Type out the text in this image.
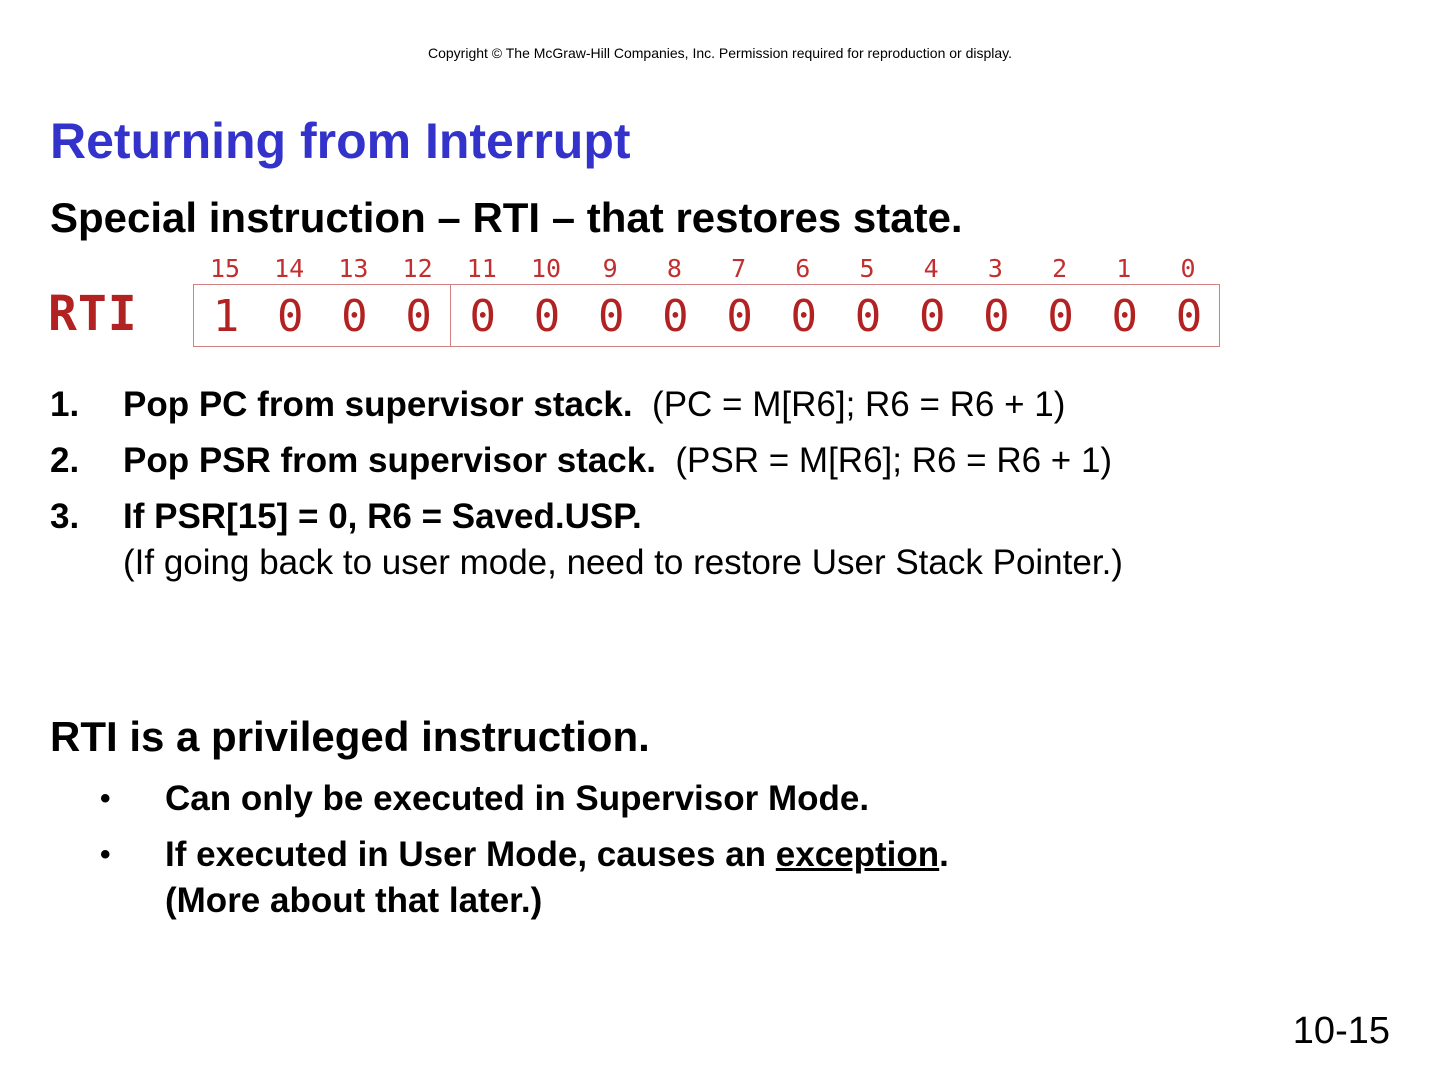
Copyright © The McGraw-Hill Companies, Inc. Permission required for reproduction or display.
Returning from Interrupt
Special instruction – RTI – that restores state.
RTI
15	14	13	12	11	10	9	8	7	6	5	4	3	2	1	0
1 0 0 0 0 0 0 0 0 0 0 0 0 0 0 0
1. Pop PC from supervisor stack.  (PC = M[R6]; R6 = R6 + 1)
2. Pop PSR from supervisor stack.  (PSR = M[R6]; R6 = R6 + 1)
3. If PSR[15] = 0, R6 = Saved.USP.
(If going back to user mode, need to restore User Stack Pointer.)
RTI is a privileged instruction.
• Can only be executed in Supervisor Mode.
• If executed in User Mode, causes an exception.
(More about that later.)
10-15
